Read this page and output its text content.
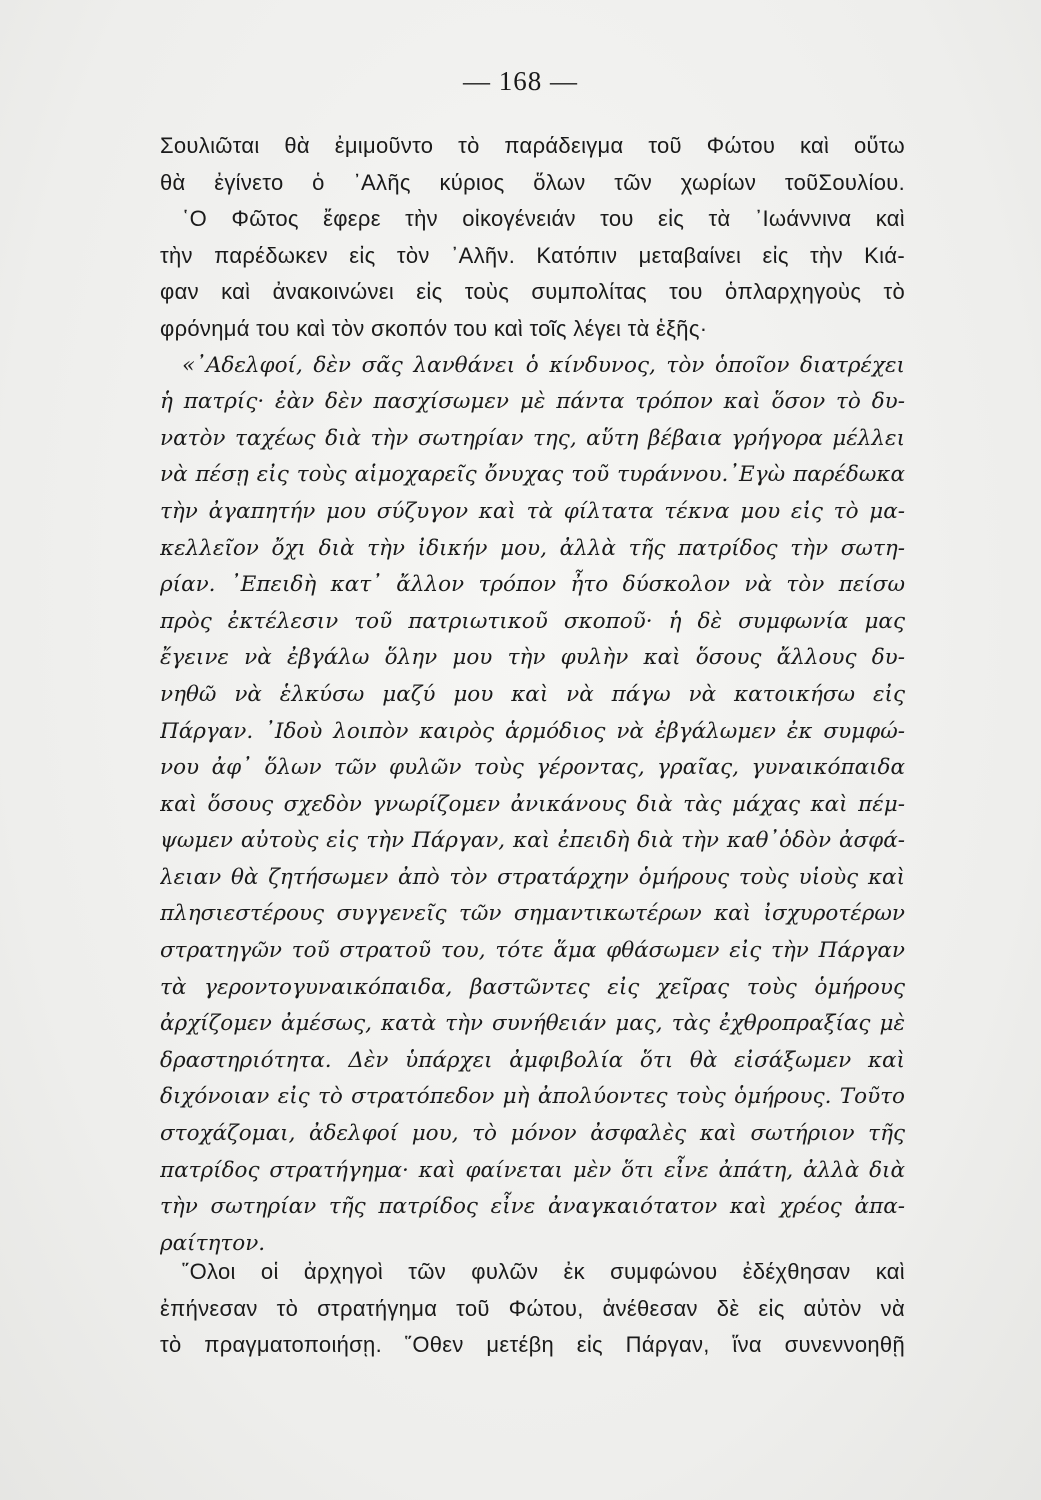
— 168 —
Σουλιῶται θὰ ἐμιμοῦντο τὸ παράδειγμα τοῦ Φώτου καὶ οὕτω
θὰ ἐγίνετο ὁ ᾿Αλῆς κύριος ὅλων τῶν χωρίων τοῦΣουλίου.
῾Ο Φῶτος ἔφερε τὴν οἰκογένειάν του εἰς τὰ ᾿Ιωάννινα καὶ
τὴν παρέδωκεν εἰς τὸν ᾿Αλῆν. Κατόπιν μεταβαίνει εἰς τὴν Κιά-
φαν καὶ ἀνακοινώνει εἰς τοὺς συμπολίτας του ὁπλαρχηγοὺς τὸ
φρόνημά του καὶ τὸν σκοπόν του καὶ τοῖς λέγει τὰ ἑξῆς·
«᾿Αδελφοί, δὲν σᾶς λανθάνει ὁ κίνδυνος, τὸν ὁποῖον διατρέχει
ἡ πατρίς· ἐὰν δὲν πασχίσωμεν μὲ πάντα τρόπον καὶ ὅσον τὸ δυ-
νατὸν ταχέως διὰ τὴν σωτηρίαν της, αὕτη βέβαια γρήγορα μέλλει
νὰ πέσῃ εἰς τοὺς αἱμοχαρεῖς ὄνυχας τοῦ τυράννου.᾿Εγὼ παρέδωκα
τὴν ἀγαπητήν μου σύζυγον καὶ τὰ φίλτατα τέκνα μου εἰς τὸ μα-
κελλεῖον ὄχι διὰ τὴν ἰδικήν μου, ἀλλὰ τῆς πατρίδος τὴν σωτη-
ρίαν. ᾿Επειδὴ κατ᾿ ἄλλον τρόπον ἦτο δύσκολον νὰ τὸν πείσω
πρὸς ἐκτέλεσιν τοῦ πατριωτικοῦ σκοποῦ· ἡ δὲ συμφωνία μας
ἔγεινε νὰ ἐβγάλω ὅλην μου τὴν φυλὴν καὶ ὅσους ἄλλους δυ-
νηθῶ νὰ ἑλκύσω μαζύ μου καὶ νὰ πάγω νὰ κατοικήσω εἰς
Πάργαν. ᾿Ιδοὺ λοιπὸν καιρὸς ἁρμόδιος νὰ ἐβγάλωμεν ἐκ συμφώ-
νου ἀφ᾿ ὅλων τῶν φυλῶν τοὺς γέροντας, γραῖας, γυναικόπαιδα
καὶ ὅσους σχεδὸν γνωρίζομεν ἀνικάνους διὰ τὰς μάχας καὶ πέμ-
ψωμεν αὐτοὺς εἰς τὴν Πάργαν, καὶ ἐπειδὴ διὰ τὴν καθ᾿ὁδὸν ἀσφά-
λειαν θὰ ζητήσωμεν ἀπὸ τὸν στρατάρχην ὁμήρους τοὺς υἱοὺς καὶ
πλησιεστέρους συγγενεῖς τῶν σημαντικωτέρων καὶ ἰσχυροτέρων
στρατηγῶν τοῦ στρατοῦ του, τότε ἅμα φθάσωμεν εἰς τὴν Πάργαν
τὰ γεροντογυναικόπαιδα, βαστῶντες εἰς χεῖρας τοὺς ὁμήρους
ἀρχίζομεν ἀμέσως, κατὰ τὴν συνήθειάν μας, τὰς ἐχθροπραξίας μὲ
δραστηριότητα. Δὲν ὑπάρχει ἀμφιβολία ὅτι θὰ εἰσάξωμεν καὶ
διχόνοιαν εἰς τὸ στρατόπεδον μὴ ἀπολύοντες τοὺς ὁμήρους. Τοῦτο
στοχάζομαι, ἀδελφοί μου, τὸ μόνον ἀσφαλὲς καὶ σωτήριον τῆς
πατρίδος στρατήγημα· καὶ φαίνεται μὲν ὅτι εἶνε ἀπάτη, ἀλλὰ διὰ
τὴν σωτηρίαν τῆς πατρίδος εἶνε ἀναγκαιότατον καὶ χρέος ἀπα-
ραίτητον.
῞Ολοι οἱ ἀρχηγοὶ τῶν φυλῶν ἐκ συμφώνου ἐδέχθησαν καὶ
ἐπήνεσαν τὸ στρατήγημα τοῦ Φώτου, ἀνέθεσαν δὲ εἰς αὐτὸν νὰ
τὸ πραγματοποιήσῃ. ῞Οθεν μετέβη εἰς Πάργαν, ἵνα συνεννοηθῇ
